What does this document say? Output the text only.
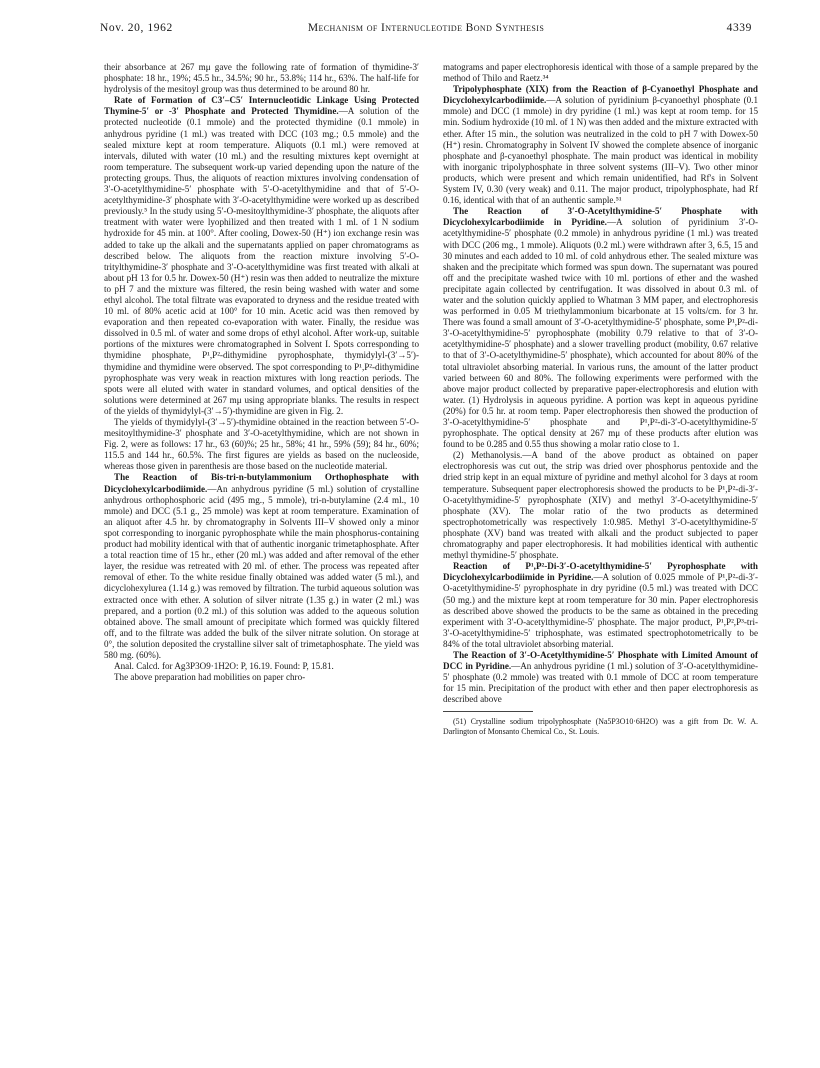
Nov. 20, 1962	Mechanism of Internucleotide Bond Synthesis	4339

their absorbance at 267 mμ gave the following rate of formation of thymidine-3′ phosphate: 18 hr., 19%; 45.5 hr., 34.5%; 90 hr., 53.8%; 114 hr., 63%. The half-life for hydrolysis of the mesitoyl group was thus determined to be around 80 hr.

Rate of Formation of C3′–C5′ Internucleotidic Linkage Using Protected Thymine-5′ or -3′ Phosphate and Protected Thymidine.—A solution of the protected nucleotide (0.1 mmole) and the protected thymidine (0.1 mmole) in anhydrous pyridine (1 ml.) was treated with DCC (103 mg.; 0.5 mmole) and the sealed mixture kept at room temperature. Aliquots (0.1 ml.) were removed at intervals, diluted with water (10 ml.) and the resulting mixtures kept overnight at room temperature. The subsequent work-up varied depending upon the nature of the protecting groups. Thus, the aliquots of reaction mixtures involving condensation of 3′-O-acetylthymidine-5′ phosphate with 5′-O-acetylthymidine and that of 5′-O-acetylthymidine-3′ phosphate with 3′-O-acetylthymidine were worked up as described previously.⁵ In the study using 5′-O-mesitoylthymidine-3′ phosphate, the aliquots after treatment with water were lyophilized and then treated with 1 ml. of 1 N sodium hydroxide for 45 min. at 100°. After cooling, Dowex-50 (H⁺) ion exchange resin was added to take up the alkali and the supernatants applied on paper chromatograms as described below. The aliquots from the reaction mixture involving 5′-O-tritylthymidine-3′ phosphate and 3′-O-acetylthymidine was first treated with alkali at about pH 13 for 0.5 hr. Dowex-50 (H⁺) resin was then added to neutralize the mixture to pH 7 and the mixture was filtered, the resin being washed with water and some ethyl alcohol. The total filtrate was evaporated to dryness and the residue treated with 10 ml. of 80% acetic acid at 100° for 10 min. Acetic acid was then removed by evaporation and then repeated co-evaporation with water. Finally, the residue was dissolved in 0.5 ml. of water and some drops of ethyl alcohol. After work-up, suitable portions of the mixtures were chromatographed in Solvent I. Spots corresponding to thymidine phosphate, P¹,P²-dithymidine pyrophosphate, thymidylyl-(3′→5′)-thymidine and thymidine were observed. The spot corresponding to P¹,P²-dithymidine pyrophosphate was very weak in reaction mixtures with long reaction periods. The spots were all eluted with water in standard volumes, and optical densities of the solutions were determined at 267 mμ using appropriate blanks. The results in respect of the yields of thymidylyl-(3′→5′)-thymidine are given in Fig. 2.

The yields of thymidylyl-(3′→5′)-thymidine obtained in the reaction between 5′-O-mesitoylthymidine-3′ phosphate and 3′-O-acetylthymidine, which are not shown in Fig. 2, were as follows: 17 hr., 63 (60)%; 25 hr., 58%; 41 hr., 59% (59); 84 hr., 60%; 115.5 and 144 hr., 60.5%. The first figures are yields as based on the nucleoside, whereas those given in parenthesis are those based on the nucleotide material.

The Reaction of Bis-tri-n-butylammonium Orthophosphate with Dicyclohexylcarbodiimide.—An anhydrous pyridine (5 ml.) solution of crystalline anhydrous orthophosphoric acid (495 mg., 5 mmole), tri-n-butylamine (2.4 ml., 10 mmole) and DCC (5.1 g., 25 mmole) was kept at room temperature. Examination of an aliquot after 4.5 hr. by chromatography in Solvents III–V showed only a minor spot corresponding to inorganic pyrophosphate while the main phosphorus-containing product had mobility identical with that of authentic inorganic trimetaphosphate. After a total reaction time of 15 hr., ether (20 ml.) was added and after removal of the ether layer, the residue was retreated with 20 ml. of ether. The process was repeated after removal of ether. To the white residue finally obtained was added water (5 ml.), and dicyclohexylurea (1.14 g.) was removed by filtration. The turbid aqueous solution was extracted once with ether. A solution of silver nitrate (1.35 g.) in water (2 ml.) was prepared, and a portion (0.2 ml.) of this solution was added to the aqueous solution obtained above. The small amount of precipitate which formed was quickly filtered off, and to the filtrate was added the bulk of the silver nitrate solution. On storage at 0°, the solution deposited the crystalline silver salt of trimetaphosphate. The yield was 580 mg. (60%).

Anal. Calcd. for Ag3P3O9·1H2O: P, 16.19. Found: P, 15.81.

The above preparation had mobilities on paper chro-

matograms and paper electrophoresis identical with those of a sample prepared by the method of Thilo and Raetz.³⁴

Tripolyphosphate (XIX) from the Reaction of β-Cyanoethyl Phosphate and Dicyclohexylcarbodiimide.—A solution of pyridinium β-cyanoethyl phosphate (0.1 mmole) and DCC (1 mmole) in dry pyridine (1 ml.) was kept at room temp. for 15 min. Sodium hydroxide (10 ml. of 1 N) was then added and the mixture extracted with ether. After 15 min., the solution was neutralized in the cold to pH 7 with Dowex-50 (H⁺) resin. Chromatography in Solvent IV showed the complete absence of inorganic phosphate and β-cyanoethyl phosphate. The main product was identical in mobility with inorganic tripolyphosphate in three solvent systems (III–V). Two other minor products, which were present and which remain unidentified, had Rf's in Solvent System IV, 0.30 (very weak) and 0.11. The major product, tripolyphosphate, had Rf 0.16, identical with that of an authentic sample.⁵¹

The Reaction of 3′-O-Acetylthymidine-5′ Phosphate with Dicyclohexylcarbodiimide in Pyridine.—A solution of pyridinium 3′-O-acetylthymidine-5′ phosphate (0.2 mmole) in anhydrous pyridine (1 ml.) was treated with DCC (206 mg., 1 mmole). Aliquots (0.2 ml.) were withdrawn after 3, 6.5, 15 and 30 minutes and each added to 10 ml. of cold anhydrous ether. The sealed mixture was shaken and the precipitate which formed was spun down. The supernatant was poured off and the precipitate washed twice with 10 ml. portions of ether and the washed precipitate again collected by centrifugation. It was dissolved in about 0.3 ml. of water and the solution quickly applied to Whatman 3 MM paper, and electrophoresis was performed in 0.05 M triethylammonium bicarbonate at 15 volts/cm. for 3 hr. There was found a small amount of 3′-O-acetylthymidine-5′ phosphate, some P¹,P²-di-3′-O-acetylthymidine-5′ pyrophosphate (mobility 0.79 relative to that of 3′-O-acetylthymidine-5′ phosphate) and a slower travelling product (mobility, 0.67 relative to that of 3′-O-acetylthymidine-5′ phosphate), which accounted for about 80% of the total ultraviolet absorbing material. In various runs, the amount of the latter product varied between 60 and 80%. The following experiments were performed with the above major product collected by preparative paper-electrophoresis and elution with water. (1) Hydrolysis in aqueous pyridine. A portion was kept in aqueous pyridine (20%) for 0.5 hr. at room temp. Paper electrophoresis then showed the production of 3′-O-acetylthymidine-5′ phosphate and P¹,P²-di-3′-O-acetylthymidine-5′ pyrophosphate. The optical density at 267 mμ of these products after elution was found to be 0.285 and 0.55 thus showing a molar ratio close to 1.

(2) Methanolysis.—A band of the above product as obtained on paper electrophoresis was cut out, the strip was dried over phosphorus pentoxide and the dried strip kept in an equal mixture of pyridine and methyl alcohol for 3 days at room temperature. Subsequent paper electrophoresis showed the products to be P¹,P²-di-3′-O-acetylthymidine-5′ pyrophosphate (XIV) and methyl 3′-O-acetylthymidine-5′ phosphate (XV). The molar ratio of the two products as determined spectrophotometrically was respectively 1:0.985. Methyl 3′-O-acetylthymidine-5′ phosphate (XV) band was treated with alkali and the product subjected to paper chromatography and paper electrophoresis. It had mobilities identical with authentic methyl thymidine-5′ phosphate.

Reaction of P¹,P²-Di-3′-O-acetylthymidine-5′ Pyrophosphate with Dicyclohexylcarbodiimide in Pyridine.—A solution of 0.025 mmole of P¹,P²-di-3′-O-acetylthymidine-5′ pyrophosphate in dry pyridine (0.5 ml.) was treated with DCC (50 mg.) and the mixture kept at room temperature for 30 min. Paper electrophoresis as described above showed the products to be the same as obtained in the preceding experiment with 3′-O-acetylthymidine-5′ phosphate. The major product, P¹,P²,P³-tri-3′-O-acetylthymidine-5′ triphosphate, was estimated spectrophotometrically to be 84% of the total ultraviolet absorbing material.

The Reaction of 3′-O-Acetylthymidine-5′ Phosphate with Limited Amount of DCC in Pyridine.—An anhydrous pyridine (1 ml.) solution of 3′-O-acetylthymidine-5′ phosphate (0.2 mmole) was treated with 0.1 mmole of DCC at room temperature for 15 min. Precipitation of the product with ether and then paper electrophoresis as described above

(51) Crystalline sodium tripolyphosphate (Na5P3O10·6H2O) was a gift from Dr. W. A. Darlington of Monsanto Chemical Co., St. Louis.
